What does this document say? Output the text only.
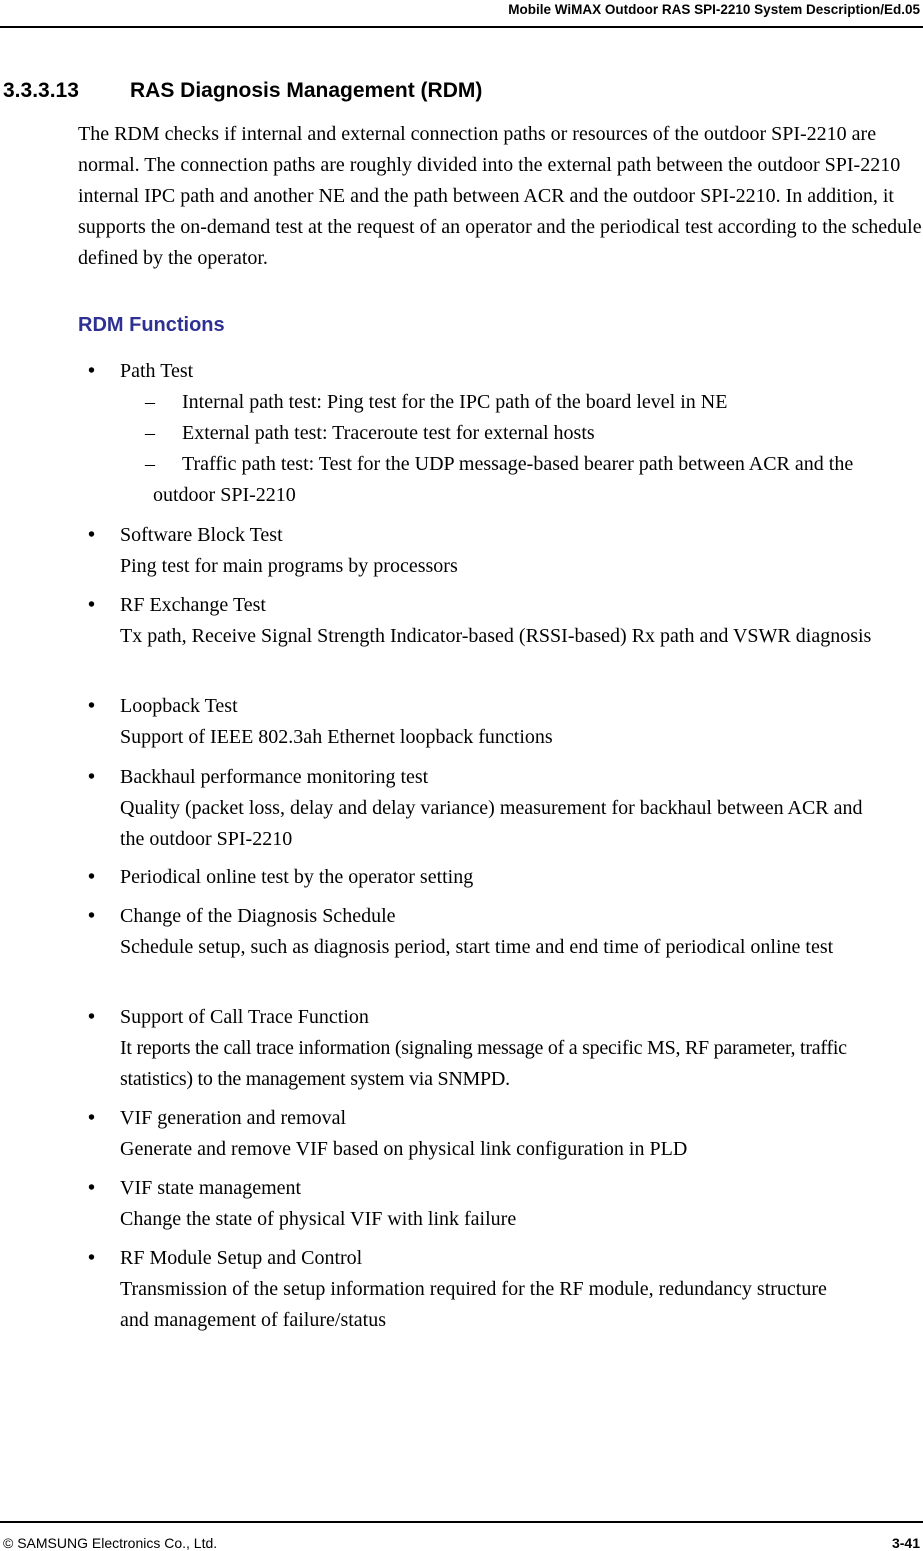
Mobile WiMAX Outdoor RAS SPI-2210 System Description/Ed.05
3.3.3.13 RAS Diagnosis Management (RDM)

The RDM checks if internal and external connection paths or resources of the outdoor SPI-2210 are normal. The connection paths are roughly divided into the external path between the outdoor SPI-2210 internal IPC path and another NE and the path between ACR and the outdoor SPI-2210. In addition, it supports the on-demand test at the request of an operator and the periodical test according to the schedule defined by the operator.

RDM Functions
• Path Test
– Internal path test: Ping test for the IPC path of the board level in NE

– External path test: Traceroute test for external hosts

–	Traffic path test: Test for the UDP message-based bearer path between ACR and the outdoor SPI-2210

• Software Block Test

Ping test for main programs by processors

• RF Exchange Test

Tx path, Receive Signal Strength Indicator-based (RSSI-based) Rx path and VSWR diagnosis

• Loopback Test

Support of IEEE 802.3ah Ethernet loopback functions

• Backhaul performance monitoring test

Quality (packet loss, delay and delay variance) measurement for backhaul between ACR and the outdoor SPI-2210

• Periodical online test by the operator setting
• Change of the Diagnosis Schedule

Schedule setup, such as diagnosis period, start time and end time of periodical online test

• Support of Call Trace Function

It reports the call trace information (signaling message of a specific MS, RF parameter, traffic statistics) to the management system via SNMPD.

• VIF generation and removal

Generate and remove VIF based on physical link configuration in PLD

• VIF state management

Change the state of physical VIF with link failure

• RF Module Setup and Control

Transmission of the setup information required for the RF module, redundancy structure and management of failure/status

© SAMSUNG Electronics Co., Ltd.	3-41
